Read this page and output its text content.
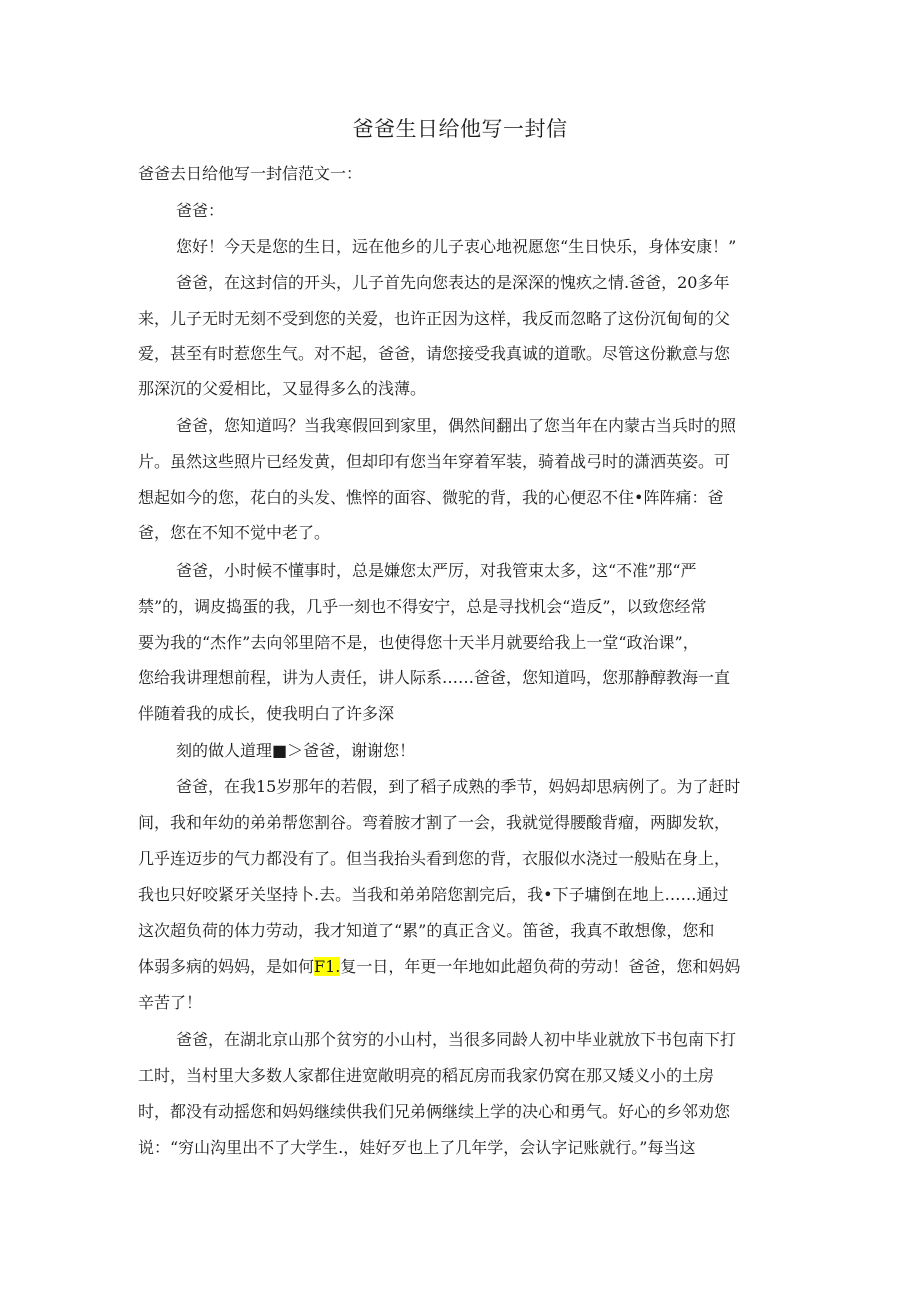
爸爸生日给他写一封信
爸爸去日给他写一封信范文一：
爸爸：
您好！今天是您的生日，远在他乡的儿子衷心地祝愿您“生日快乐，身体安康！”
爸爸，在这封信的开头，儿子首先向您表达的是深深的愧疚之情.爸爸，20多年
来，儿子无时无刻不受到您的关爱，也许正因为这样，我反而忽略了这份沉甸甸的父
爱，甚至有时惹您生气。对不起，爸爸，请您接受我真诚的道歌。尽管这份歉意与您
那深沉的父爱相比，又显得多么的浅薄。
爸爸，您知道吗？当我寒假回到家里，偶然间翻出了您当年在内蒙古当兵时的照
片。虽然这些照片已经发黄，但却印有您当年穿着军装，骑着战弓时的潇洒英姿。可
想起如今的您，花白的头发、憔悴的面容、微驼的背，我的心便忍不住•阵阵痛：爸
爸，您在不知不觉中老了。
爸爸，小时候不懂事时，总是嫌您太严厉，对我管束太多，这“不准”那“严
禁”的，调皮捣蛋的我，几乎一刻也不得安宁，总是寻找机会“造反”，以致您经常
要为我的“杰作”去向邻里陪不是，也使得您十天半月就要给我上一堂“政治课”，
您给我讲理想前程，讲为人责任，讲人际系……爸爸，您知道吗，您那静醇教海一直
伴随着我的成长，使我明白了许多深
刻的做人道理■＞爸爸，谢谢您！
爸爸，在我15岁那年的若假，到了稻子成熟的季节，妈妈却思病例了。为了赶时
间，我和年幼的弟弟帮您割谷。弯着胺才割了一会，我就觉得腰酸背瘤，两脚发软，
几乎连迈步的气力都没有了。但当我抬头看到您的背，衣服似水浇过一般贴在身上，
我也只好咬紧牙关坚持卜.去。当我和弟弟陪您割完后，我•下子墉倒在地上……通过
这次超负荷的体力劳动，我才知道了“累”的真正含义。笛爸，我真不敢想像，您和
体弱多病的妈妈，是如何F1.复一日，年更一年地如此超负荷的劳动！爸爸，您和妈妈
辛苦了！
爸爸，在湖北京山那个贫穷的小山村，当很多同龄人初中毕业就放下书包南下打
工时，当村里大多数人家都住进宽敞明亮的稻瓦房而我家仍窝在那又矮义小的土房
时，都没有动摇您和妈妈继续供我们兄弟俩继续上学的决心和勇气。好心的乡邻劝您
说：“穷山沟里出不了大学生.，娃好歹也上了几年学，会认字记账就行。”每当这
